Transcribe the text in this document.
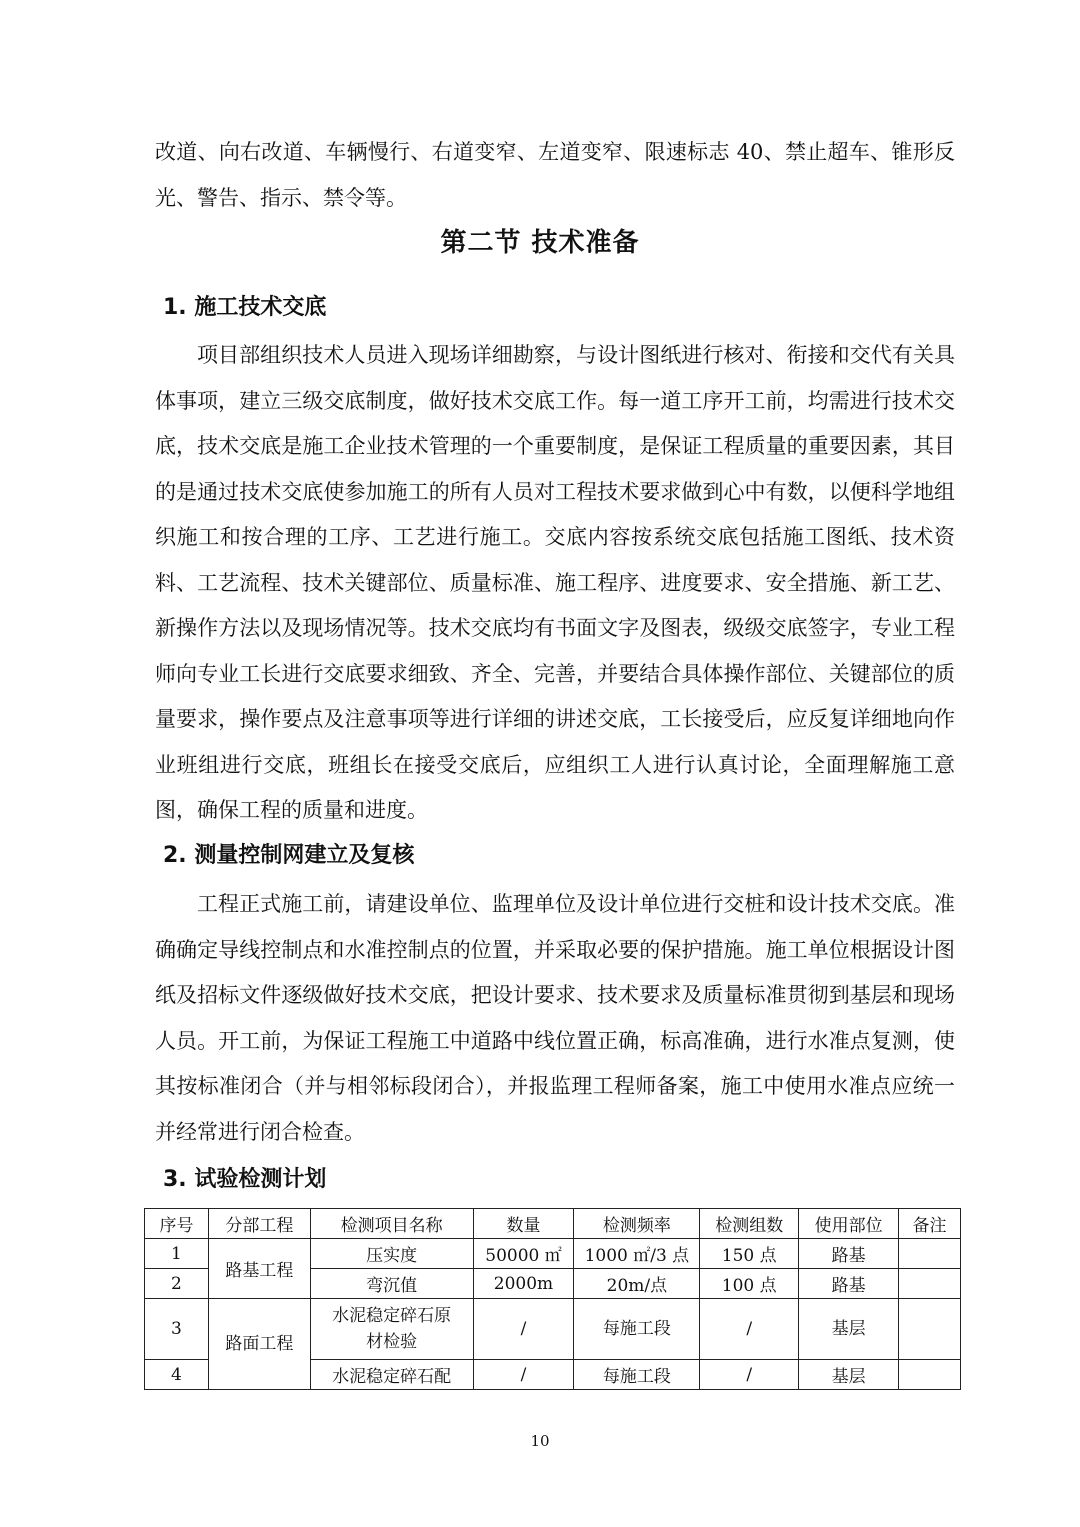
改道、向右改道、车辆慢行、右道变窄、左道变窄、限速标志 40、禁止超车、锥形反光、警告、指示、禁令等。

第二节 技术准备
1. 施工技术交底

项目部组织技术人员进入现场详细勘察，与设计图纸进行核对、衔接和交代有关具体事项，建立三级交底制度，做好技术交底工作。每一道工序开工前，均需进行技术交底，技术交底是施工企业技术管理的一个重要制度，是保证工程质量的重要因素，其目的是通过技术交底使参加施工的所有人员对工程技术要求做到心中有数，以便科学地组织施工和按合理的工序、工艺进行施工。交底内容按系统交底包括施工图纸、技术资料、工艺流程、技术关键部位、质量标准、施工程序、进度要求、安全措施、新工艺、新操作方法以及现场情况等。技术交底均有书面文字及图表，级级交底签字，专业工程师向专业工长进行交底要求细致、齐全、完善，并要结合具体操作部位、关键部位的质量要求，操作要点及注意事项等进行详细的讲述交底，工长接受后，应反复详细地向作业班组进行交底，班组长在接受交底后，应组织工人进行认真讨论，全面理解施工意图，确保工程的质量和进度。

2. 测量控制网建立及复核

工程正式施工前，请建设单位、监理单位及设计单位进行交桩和设计技术交底。准确确定导线控制点和水准控制点的位置，并采取必要的保护措施。施工单位根据设计图纸及招标文件逐级做好技术交底，把设计要求、技术要求及质量标准贯彻到基层和现场人员。开工前，为保证工程施工中道路中线位置正确，标高准确，进行水准点复测，使其按标准闭合（并与相邻标段闭合），并报监理工程师备案，施工中使用水准点应统一并经常进行闭合检查。

3. 试验检测计划
序号	分部工程	检测项目名称	数量	检测频率	检测组数	使用部位	备注
1	路基工程	压实度	50000 ㎡	1000 ㎡/3 点	150 点	路基	
2		弯沉值	2000m	20m/点	100 点	路基	
3	路面工程	水泥稳定碎石原材检验	/	每施工段	/	基层	
4		水泥稳定碎石配	/	每施工段	/	基层	
10
